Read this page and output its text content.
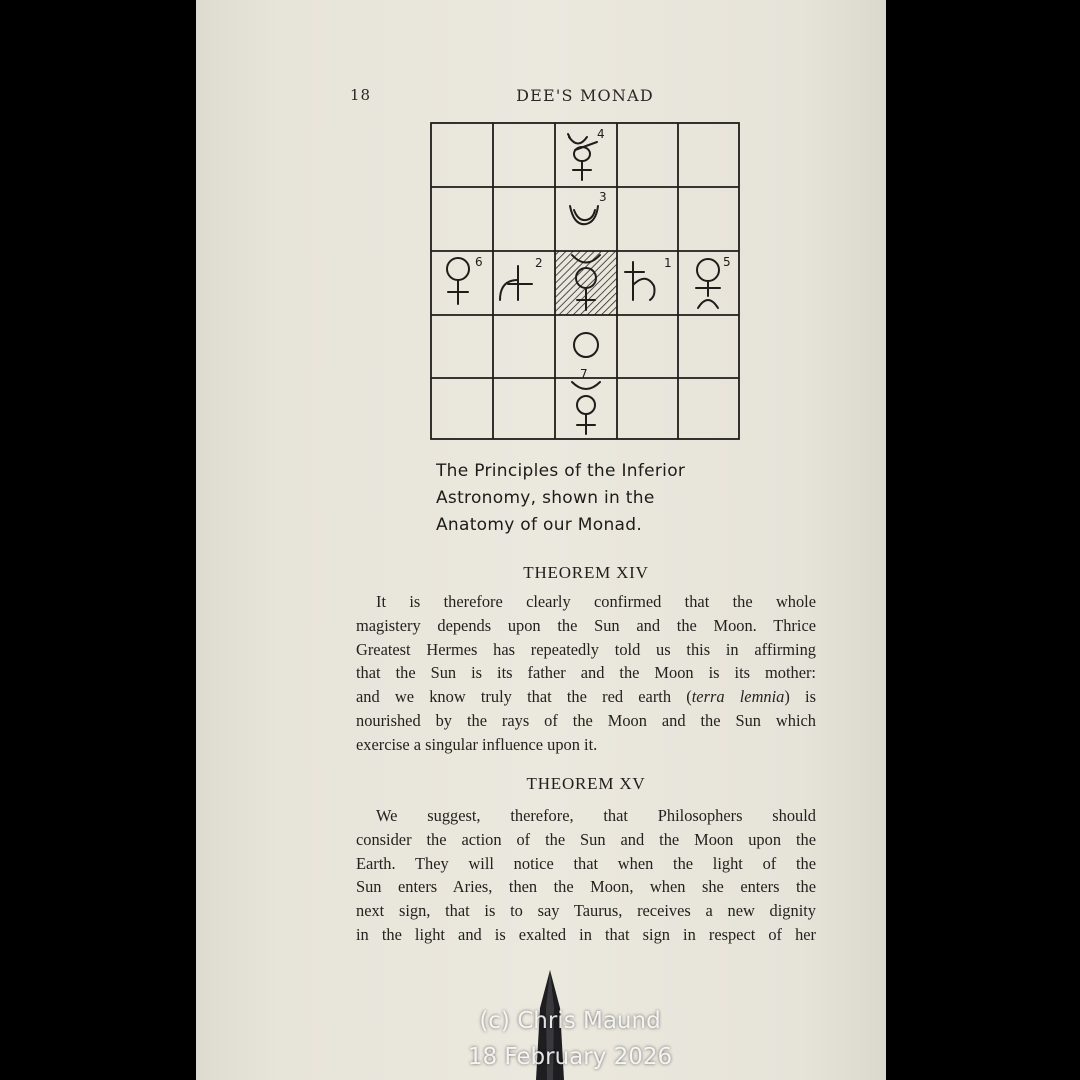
18	DEE'S MONAD
4
3
6	2	1	5
7
The Principles of the Inferior
Astronomy, shown in the
Anatomy of our Monad.
THEOREM XIV
It is therefore clearly confirmed that the whole
magistery depends upon the Sun and the Moon. Thrice
Greatest Hermes has repeatedly told us this in affirming
that the Sun is its father and the Moon is its mother:
and we know truly that the red earth (terra lemnia) is
nourished by the rays of the Moon and the Sun which
exercise a singular influence upon it.
THEOREM XV
We suggest, therefore, that Philosophers should
consider the action of the Sun and the Moon upon the
Earth. They will notice that when the light of the
Sun enters Aries, then the Moon, when she enters the
next sign, that is to say Taurus, receives a new dignity
in the light and is exalted in that sign in respect of her
(c) Chris Maund
18 February 2026
